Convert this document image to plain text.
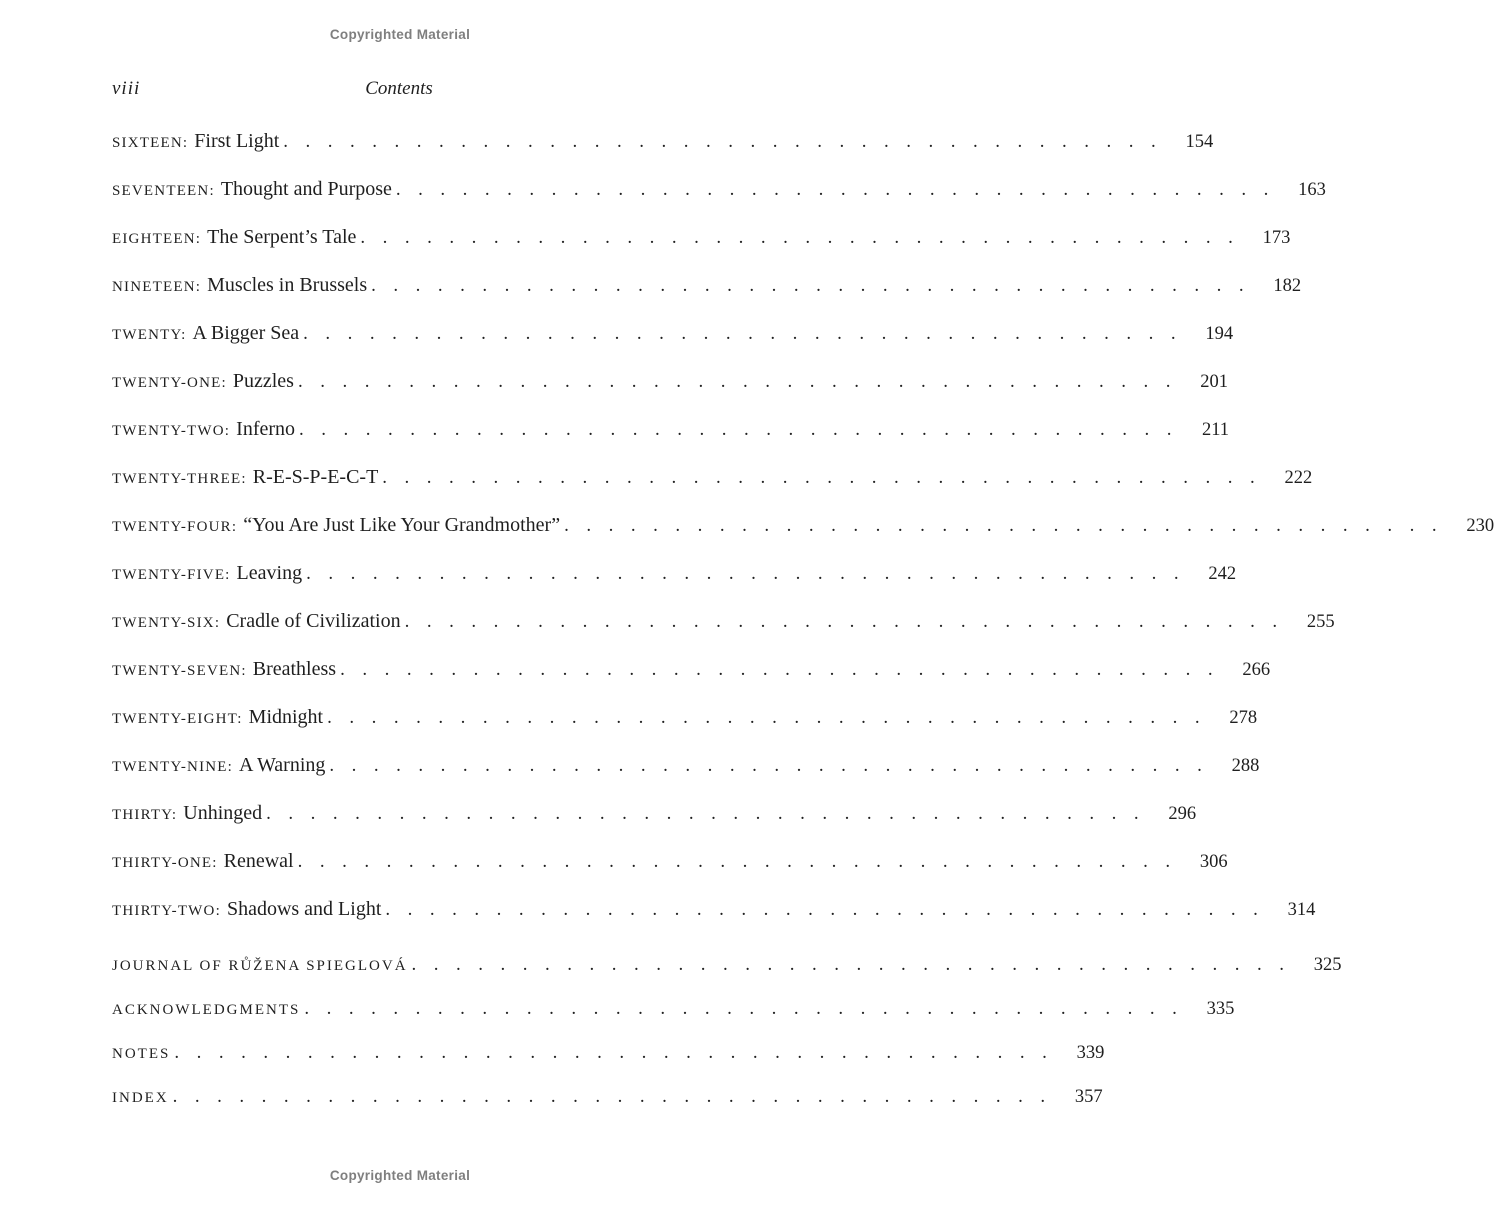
Copyrighted Material
viii	Contents
SIXTEEN: First Light ........................................ 154
SEVENTEEN: Thought and Purpose ........................................ 163
EIGHTEEN: The Serpent’s Tale ........................................ 173
NINETEEN: Muscles in Brussels ........................................ 182
TWENTY: A Bigger Sea ........................................ 194
TWENTY-ONE: Puzzles ........................................ 201
TWENTY-TWO: Inferno ........................................ 211
TWENTY-THREE: R-E-S-P-E-C-T ........................................ 222
TWENTY-FOUR: “You Are Just Like Your Grandmother” ........................................ 230
TWENTY-FIVE: Leaving ........................................ 242
TWENTY-SIX: Cradle of Civilization ........................................ 255
TWENTY-SEVEN: Breathless ........................................ 266
TWENTY-EIGHT: Midnight ........................................ 278
TWENTY-NINE: A Warning ........................................ 288
THIRTY: Unhinged ........................................ 296
THIRTY-ONE: Renewal ........................................ 306
THIRTY-TWO: Shadows and Light ........................................ 314
JOURNAL OF RŮŽENA SPIEGLOVÁ ........................................ 325
ACKNOWLEDGMENTS ........................................ 335
NOTES ........................................ 339
INDEX ........................................ 357
Copyrighted Material
